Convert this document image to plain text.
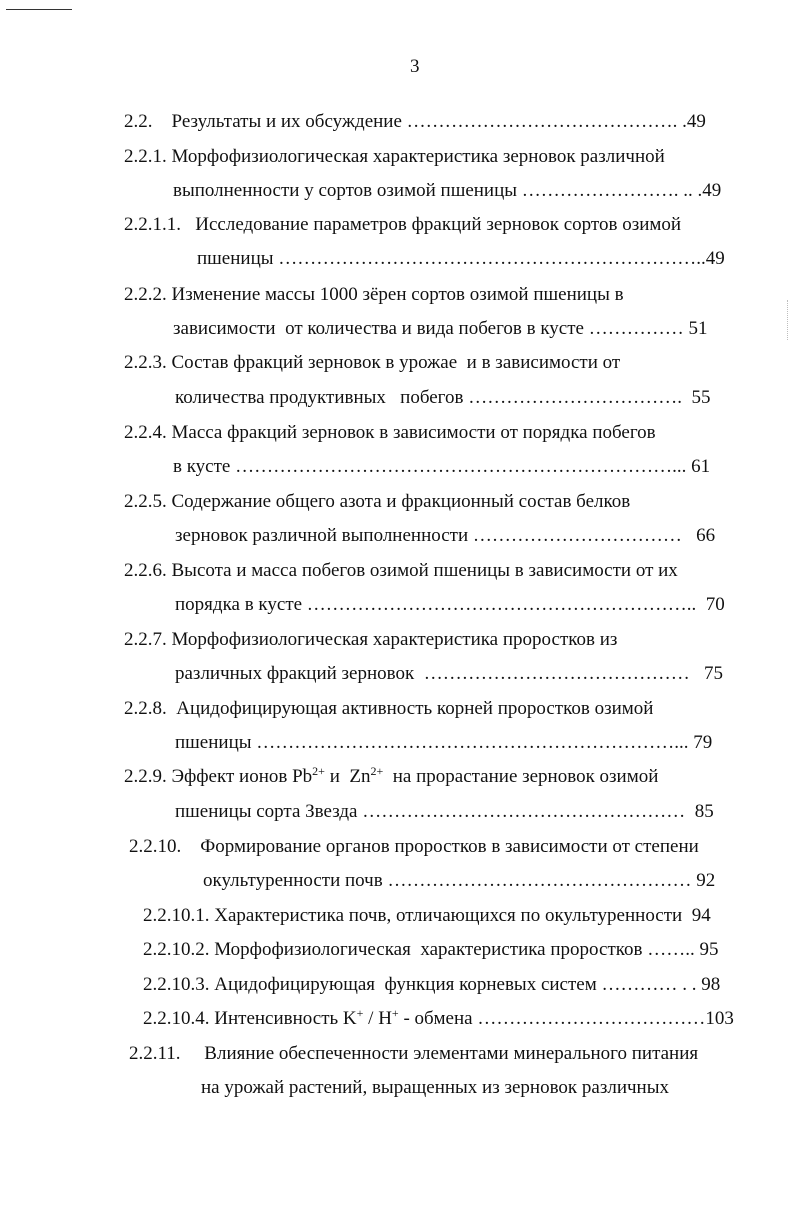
3
2.2.    Результаты и их обсуждение ……………………………………. .49
2.2.1. Морфофизиологическая характеристика зерновок различной
выполненности у сортов озимой пшеницы ……………………. .. .49
2.2.1.1.   Исследование параметров фракций зерновок сортов озимой
пшеницы …………………………………………………………..49
2.2.2. Изменение массы 1000 зёрен сортов озимой пшеницы в
зависимости  от количества и вида побегов в кусте …………… 51
2.2.3. Состав фракций зерновок в урожае  и в зависимости от
количества продуктивных   побегов …………………………….  55
2.2.4. Масса фракций зерновок в зависимости от порядка побегов
в кусте ……………………………………………………………... 61
2.2.5. Содержание общего азота и фракционный состав белков
зерновок различной выполненности ……………………………   66
2.2.6. Высота и масса побегов озимой пшеницы в зависимости от их
порядка в кусте ……………………………………………………..  70
2.2.7. Морфофизиологическая характеристика проростков из
различных фракций зерновок  ……………………………………   75
2.2.8.  Ацидофицирующая активность корней проростков озимой
пшеницы …………………………………………………………... 79
2.2.9. Эффект ионов $Pb^{2+}$ и  $Zn^{2+}$  на прорастание зерновок озимой
пшеницы сорта Звезда ……………………………………………  85
2.2.10.    Формирование органов проростков в зависимости от степени
окультуренности почв ………………………………………… 92
2.2.10.1. Характеристика почв, отличающихся по окультуренности  94
2.2.10.2. Морфофизиологическая  характеристика проростков …….. 95
2.2.10.3. Ацидофицирующая  функция корневых систем ………… . . 98
2.2.10.4. Интенсивность K+ / H+ - обмена ………………………………103
2.2.11.     Влияние обеспеченности элементами минерального питания
на урожай растений, выращенных из зерновок различных
